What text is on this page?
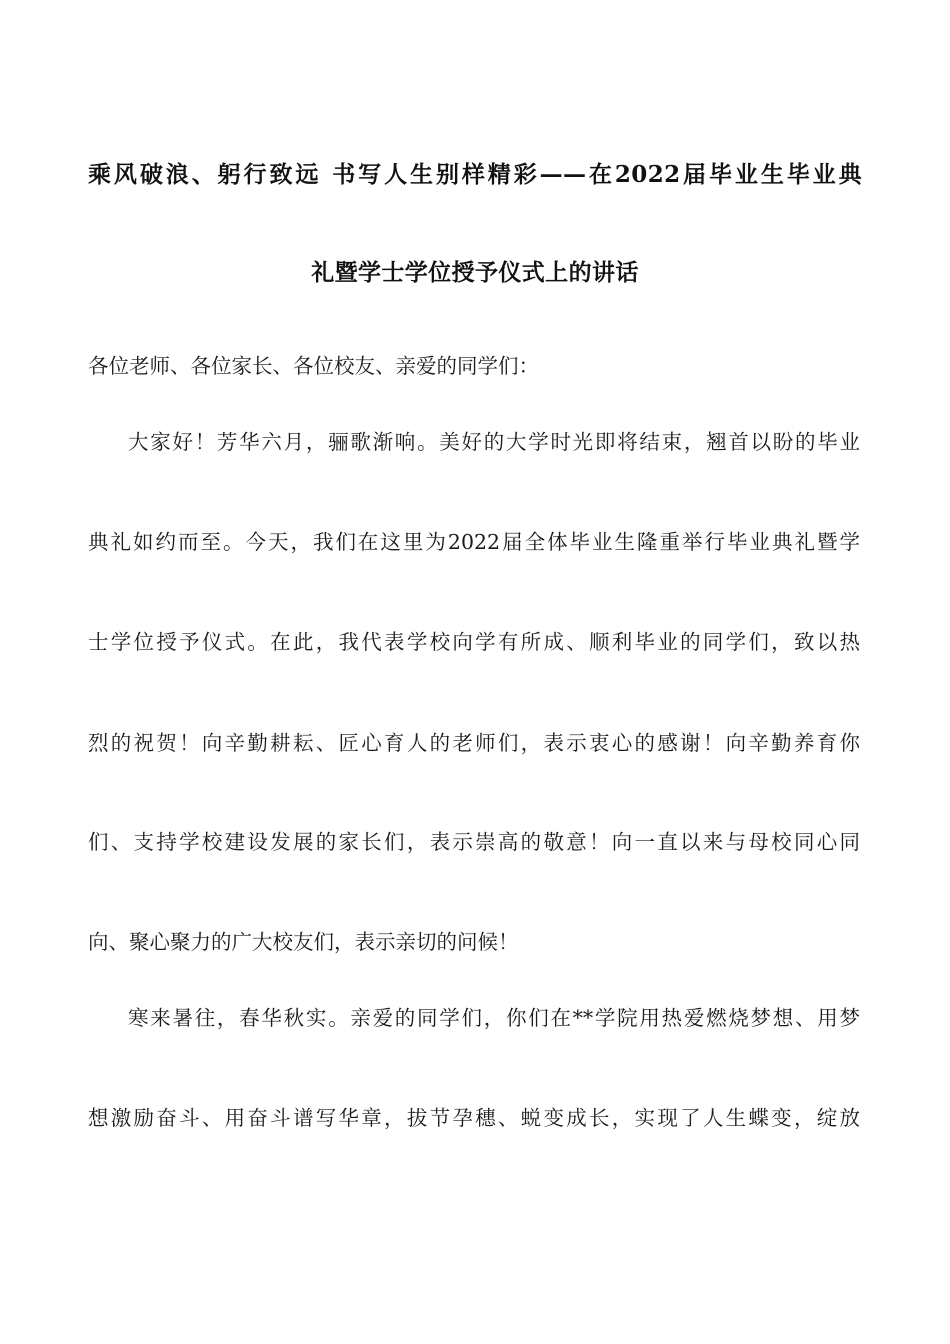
乘风破浪、躬行致远 书写人生别样精彩——在2022届毕业生毕业典
礼暨学士学位授予仪式上的讲话
各位老师、各位家长、各位校友、亲爱的同学们：
大家好！芳华六月，骊歌渐响。美好的大学时光即将结束，翘首以盼的毕业
典礼如约而至。今天，我们在这里为2022届全体毕业生隆重举行毕业典礼暨学
士学位授予仪式。在此，我代表学校向学有所成、顺利毕业的同学们，致以热
烈的祝贺！向辛勤耕耘、匠心育人的老师们，表示衷心的感谢！向辛勤养育你
们、支持学校建设发展的家长们，表示崇高的敬意！向一直以来与母校同心同
向、聚心聚力的广大校友们，表示亲切的问候！
寒来暑往，春华秋实。亲爱的同学们，你们在**学院用热爱燃烧梦想、用梦
想激励奋斗、用奋斗谱写华章，拔节孕穗、蜕变成长，实现了人生蝶变，绽放
